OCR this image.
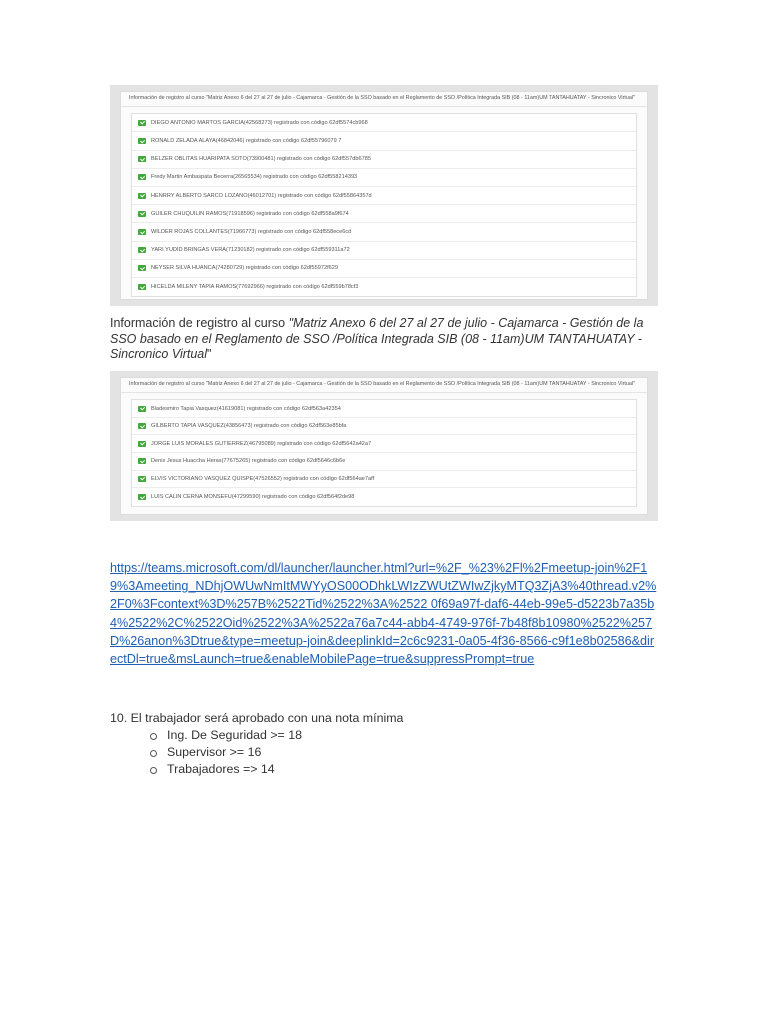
Información de registro al curso "Matriz Anexo 6 del 27 al 27 de julio - Cajamarca - Gestión de la SSO basado en el Reglamento de SSO /Política Integrada SIB (08 - 11am)UM TANTAHUATAY - Sincronico Virtual"
DIEGO ANTONIO MARTOS GARCIA(42568273) registrado con código 62df5574cb968
RONALD ZELADA ALAYA(46842046) registrado con código 62df55796079 7
BELZER OBLITAS HUARIPATA SOTO(73900481) registrado con código 62df557db6785
Fredy Martin Ambaspata Becerra(26565534) registrado con código 62df558214393
HENRRY ALBERTO SARCO LOZANO(46012701) registrado con código 62df55864357d
GUILER CHUQUILIN RAMOS(71918596) registrado con código 62df558a9f674
WILDER ROJAS COLLANTES(71966773) registrado con código 62df558ece6cd
YARI YUDID BRINGAS VERA(71230182) registrado con código 62df559311a72
NEYSER SILVA HUANCA(74280729) registrado con código 62df55972f629
HICELDA MILENY TAPIA RAMOS(77692966) registrado con código 62df559b78cf3

Información de registro al curso "Matriz Anexo 6 del 27 al 27 de julio - Cajamarca - Gestión de la SSO basado en el Reglamento de SSO /Política Integrada SIB (08 - 11am)UM TANTAHUATAY - Sincronico Virtual"

Información de registro al curso "Matriz Anexo 6 del 27 al 27 de julio - Cajamarca - Gestión de la SSO basado en el Reglamento de SSO /Política Integrada SIB (08 - 11am)UM TANTAHUATAY - Sincronico Virtual"
Bladesmiro Tapia Vasquez(41619081) registrado con código 62df563a42354
GILBERTO TAPIA VASQUEZ(43856473) registrado con código 62df563e85bfa
JORGE LUIS MORALES GUTIERREZ(46795089) registrado con código 62df5642a42a7
Denis Jesus Huaccha Heras(77675265) registrado con código 62df5646c6b6e
ELVIS VICTORIANO VASQUEZ QUISPE(47526552) registrado con código 62df564ae7aff
LUIS CALIN CERNA MONSEFU(47299590) registrado con código 62df564f2de98
https://teams.microsoft.com/dl/launcher/launcher.html?url=%2F_%23%2Fl%2Fmeetup-join%2F19%3Ameeting_NDhjOWUwNmItMWYyOS00ODhkLWIzZWUtZWIwZjkyMTQ3ZjA3%40thread.v2%2F0%3Fcontext%3D%257B%2522Tid%2522%3A%2522 0f69a97f-daf6-44eb-99e5-d5223b7a35b4%2522%2C%2522Oid%2522%3A%2522a76a7c44-abb4-4749-976f-7b48f8b10980%2522%257D%26anon%3Dtrue&type=meetup-join&deeplinkId=2c6c9231-0a05-4f36-8566-c9f1e8b02586&directDl=true&msLaunch=true&enableMobilePage=true&suppressPrompt=true

10. El trabajador será aprobado con una nota mínima

Ing. De Seguridad >= 18
Supervisor >= 16
Trabajadores => 14
